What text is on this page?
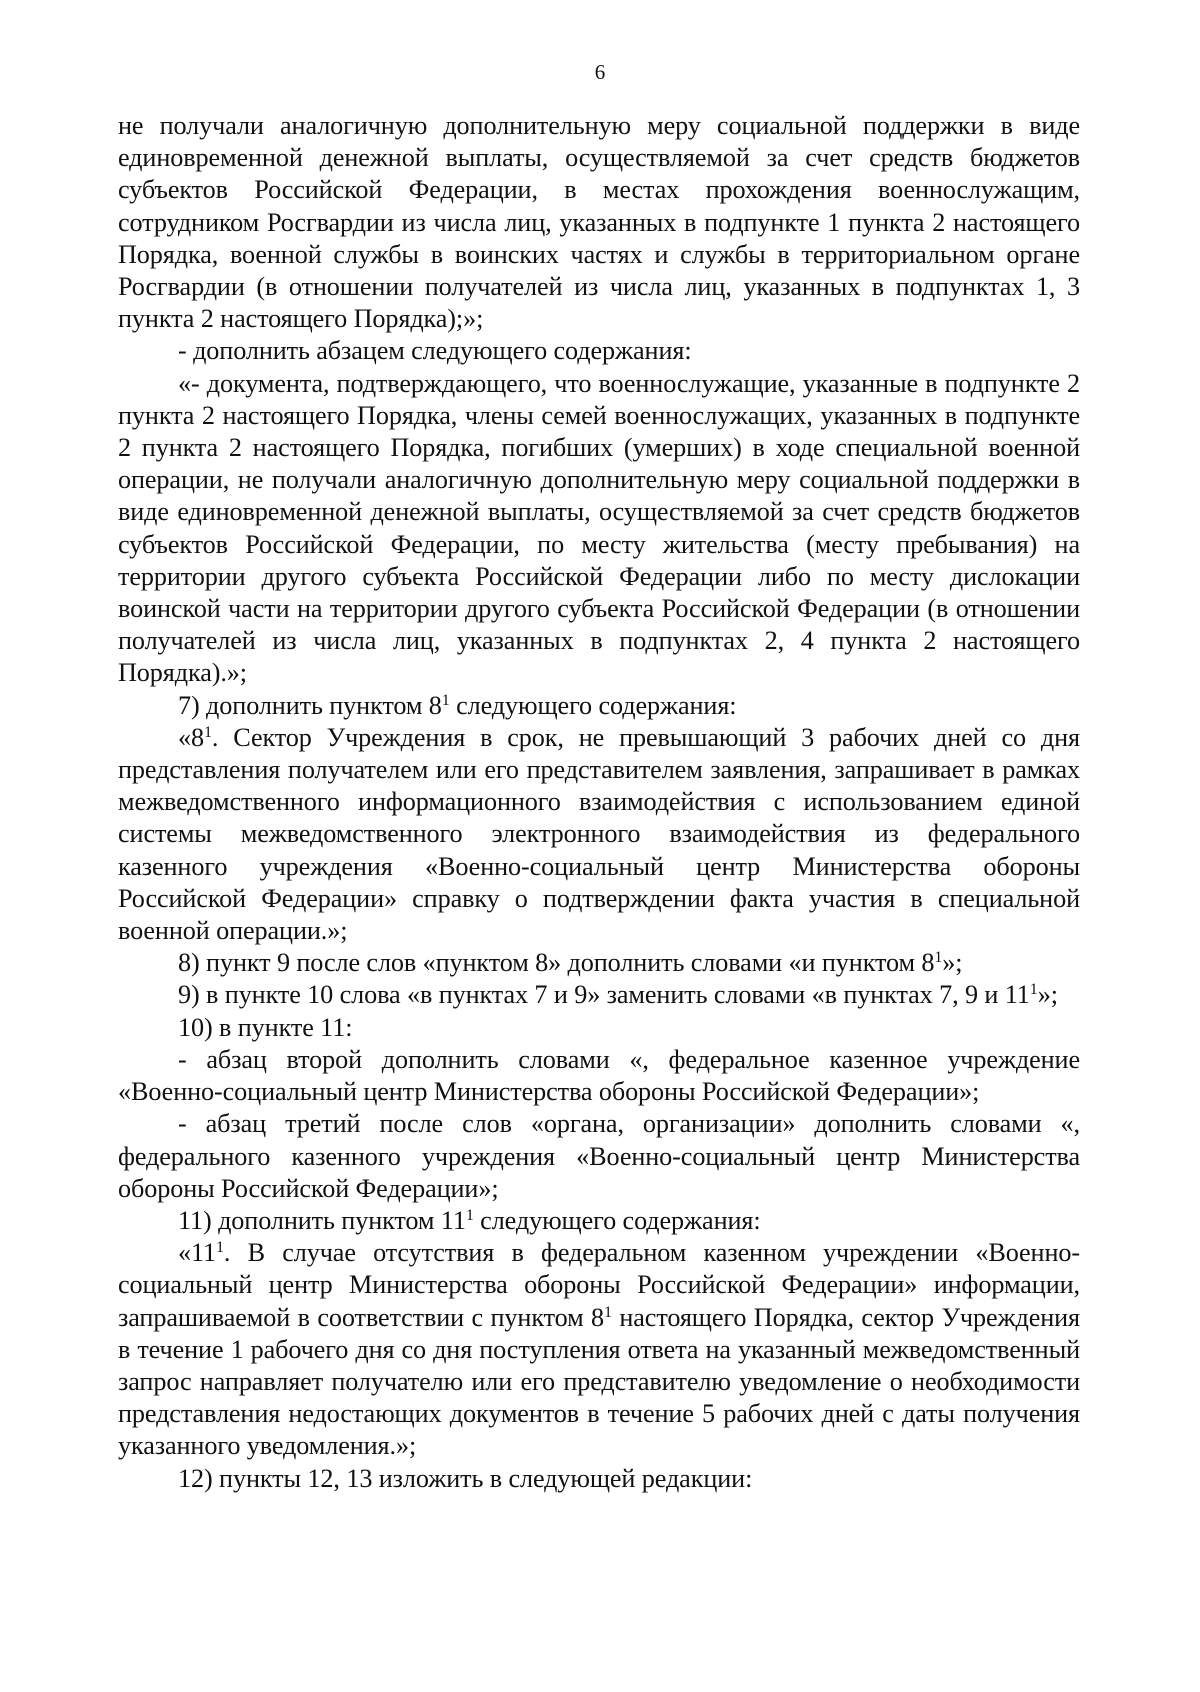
6

не получали аналогичную дополнительную меру социальной поддержки в виде единовременной денежной выплаты, осуществляемой за счет средств бюджетов субъектов Российской Федерации, в местах прохождения военнослужащим, сотрудником Росгвардии из числа лиц, указанных в подпункте 1 пункта 2 настоящего Порядка, военной службы в воинских частях и службы в территориальном органе Росгвардии (в отношении получателей из числа лиц, указанных в подпунктах 1, 3 пункта 2 настоящего Порядка);»;

- дополнить абзацем следующего содержания:

«- документа, подтверждающего, что военнослужащие, указанные в подпункте 2 пункта 2 настоящего Порядка, члены семей военнослужащих, указанных в подпункте 2 пункта 2 настоящего Порядка, погибших (умерших) в ходе специальной военной операции, не получали аналогичную дополнительную меру социальной поддержки в виде единовременной денежной выплаты, осуществляемой за счет средств бюджетов субъектов Российской Федерации, по месту жительства (месту пребывания) на территории другого субъекта Российской Федерации либо по месту дислокации воинской части на территории другого субъекта Российской Федерации (в отношении получателей из числа лиц, указанных в подпунктах 2, 4 пункта 2 настоящего Порядка).»;

7) дополнить пунктом $8^1$ следующего содержания:

«$8^1$. Сектор Учреждения в срок, не превышающий 3 рабочих дней со дня представления получателем или его представителем заявления, запрашивает в рамках межведомственного информационного взаимодействия с использованием единой системы межведомственного электронного взаимодействия из федерального казенного учреждения «Военно-социальный центр Министерства обороны Российской Федерации» справку о подтверждении факта участия в специальной военной операции.»;

8) пункт 9 после слов «пунктом 8» дополнить словами «и пунктом $8^1$»;

9) в пункте 10 слова «в пунктах 7 и 9» заменить словами «в пунктах 7, 9 и $11^1$»;

10) в пункте 11:

- абзац второй дополнить словами «, федеральное казенное учреждение «Военно-социальный центр Министерства обороны Российской Федерации»;

- абзац третий после слов «органа, организации» дополнить словами «, федерального казенного учреждения «Военно-социальный центр Министерства обороны Российской Федерации»;

11) дополнить пунктом $11^1$ следующего содержания:

«$11^1$. В случае отсутствия в федеральном казенном учреждении «Военно-социальный центр Министерства обороны Российской Федерации» информации, запрашиваемой в соответствии с пунктом $8^1$ настоящего Порядка, сектор Учреждения в течение 1 рабочего дня со дня поступления ответа на указанный межведомственный запрос направляет получателю или его представителю уведомление о необходимости представления недостающих документов в течение 5 рабочих дней с даты получения указанного уведомления.»;

12) пункты 12, 13 изложить в следующей редакции:
